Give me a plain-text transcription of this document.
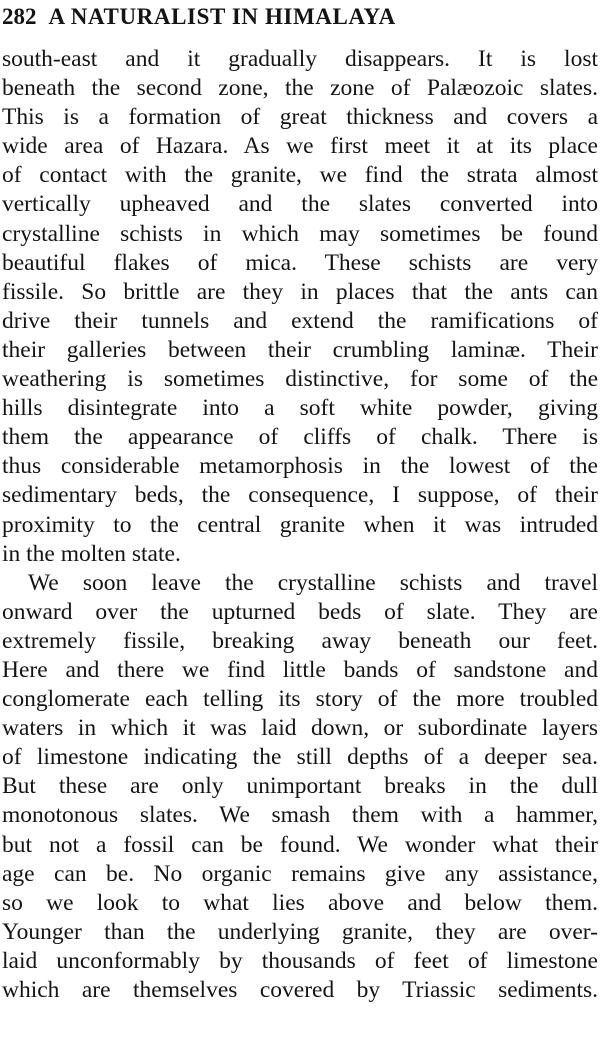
282 A NATURALIST IN HIMALAYA
south-east and it gradually disappears. It is lost
beneath the second zone, the zone of Palæozoic slates.
This is a formation of great thickness and covers a
wide area of Hazara. As we first meet it at its place
of contact with the granite, we find the strata almost
vertically upheaved and the slates converted into
crystalline schists in which may sometimes be found
beautiful flakes of mica. These schists are very
fissile. So brittle are they in places that the ants can
drive their tunnels and extend the ramifications of
their galleries between their crumbling laminæ. Their
weathering is sometimes distinctive, for some of the
hills disintegrate into a soft white powder, giving
them the appearance of cliffs of chalk. There is
thus considerable metamorphosis in the lowest of the
sedimentary beds, the consequence, I suppose, of their
proximity to the central granite when it was intruded
in the molten state.
We soon leave the crystalline schists and travel
onward over the upturned beds of slate. They are
extremely fissile, breaking away beneath our feet.
Here and there we find little bands of sandstone and
conglomerate each telling its story of the more troubled
waters in which it was laid down, or subordinate layers
of limestone indicating the still depths of a deeper sea.
But these are only unimportant breaks in the dull
monotonous slates. We smash them with a hammer,
but not a fossil can be found. We wonder what their
age can be. No organic remains give any assistance,
so we look to what lies above and below them.
Younger than the underlying granite, they are over-
laid unconformably by thousands of feet of limestone
which are themselves covered by Triassic sediments.
